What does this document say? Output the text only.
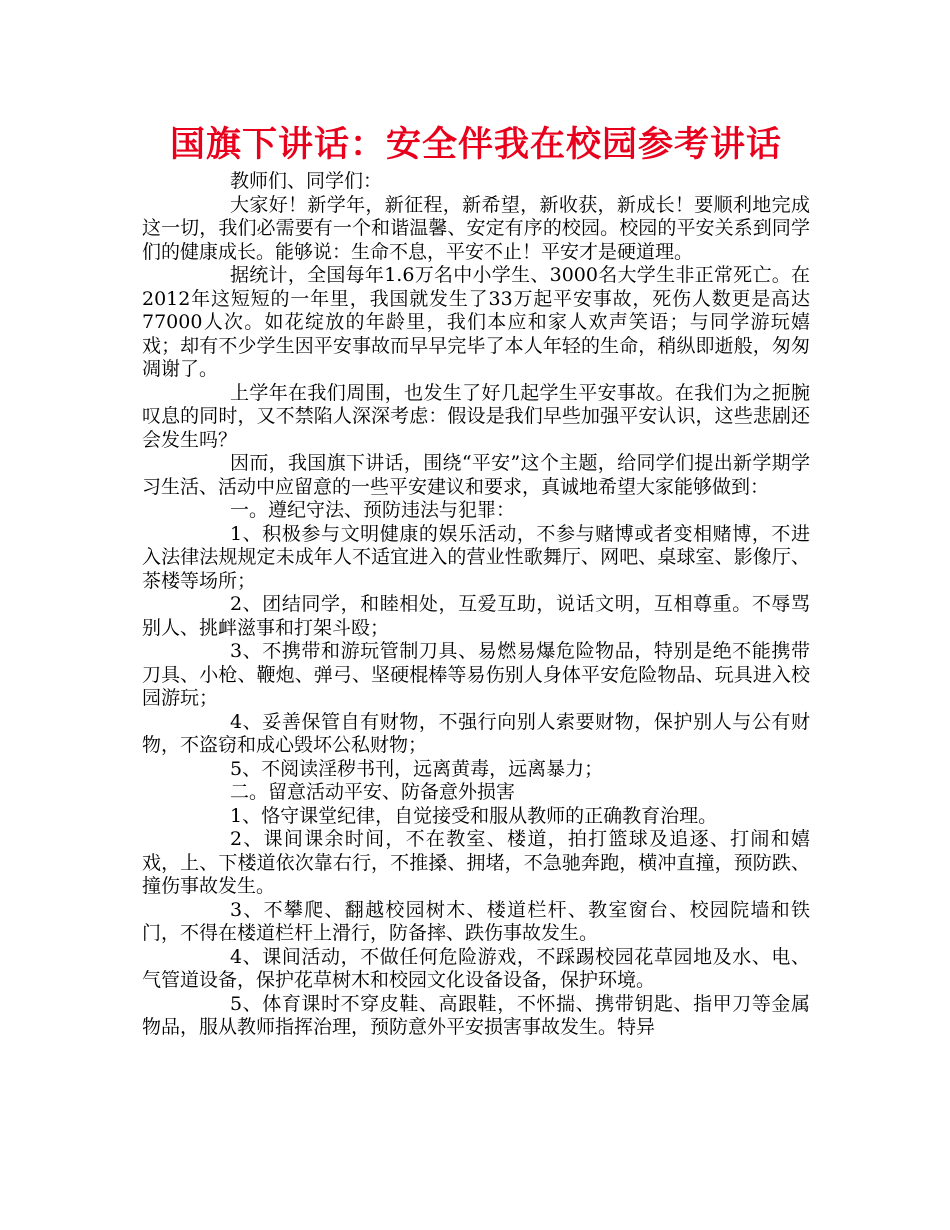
国旗下讲话：安全伴我在校园参考讲话

教师们、同学们：

大家好！新学年，新征程，新希望，新收获，新成长！要顺利地完成这一切，我们必需要有一个和谐温馨、安定有序的校园。校园的平安关系到同学们的健康成长。能够说：生命不息，平安不止！平安才是硬道理。

据统计，全国每年1.6万名中小学生、3000名大学生非正常死亡。在2012年这短短的一年里，我国就发生了33万起平安事故，死伤人数更是高达77000人次。如花绽放的年龄里，我们本应和家人欢声笑语；与同学游玩嬉戏；却有不少学生因平安事故而早早完毕了本人年轻的生命，稍纵即逝般，匆匆凋谢了。

上学年在我们周围，也发生了好几起学生平安事故。在我们为之扼腕叹息的同时，又不禁陷人深深考虑：假设是我们早些加强平安认识，这些悲剧还会发生吗？

因而，我国旗下讲话，围绕“平安”这个主题，给同学们提出新学期学习生活、活动中应留意的一些平安建议和要求，真诚地希望大家能够做到：

一。遵纪守法、预防违法与犯罪：

1、积极参与文明健康的娱乐活动，不参与赌博或者变相赌博，不进入法律法规规定未成年人不适宜进入的营业性歌舞厅、网吧、桌球室、影像厅、茶楼等场所；

2、团结同学，和睦相处，互爱互助，说话文明，互相尊重。不辱骂别人、挑衅滋事和打架斗殴；

3、不携带和游玩管制刀具、易燃易爆危险物品，特别是绝不能携带刀具、小枪、鞭炮、弹弓、坚硬棍棒等易伤别人身体平安危险物品、玩具进入校园游玩；

4、妥善保管自有财物，不强行向别人索要财物，保护别人与公有财物，不盗窃和成心毁坏公私财物；

5、不阅读淫秽书刊，远离黄毒，远离暴力；

二。留意活动平安、防备意外损害

1、恪守课堂纪律，自觉接受和服从教师的正确教育治理。

2、课间课余时间，不在教室、楼道，拍打篮球及追逐、打闹和嬉戏，上、下楼道依次靠右行，不推搡、拥堵，不急驰奔跑，横冲直撞，预防跌、撞伤事故发生。

3、不攀爬、翻越校园树木、楼道栏杆、教室窗台、校园院墙和铁门，不得在楼道栏杆上滑行，防备摔、跌伤事故发生。

4、课间活动，不做任何危险游戏，不踩踢校园花草园地及水、电、气管道设备，保护花草树木和校园文化设备设备，保护环境。

5、体育课时不穿皮鞋、高跟鞋，不怀揣、携带钥匙、指甲刀等金属物品，服从教师指挥治理，预防意外平安损害事故发生。特异
